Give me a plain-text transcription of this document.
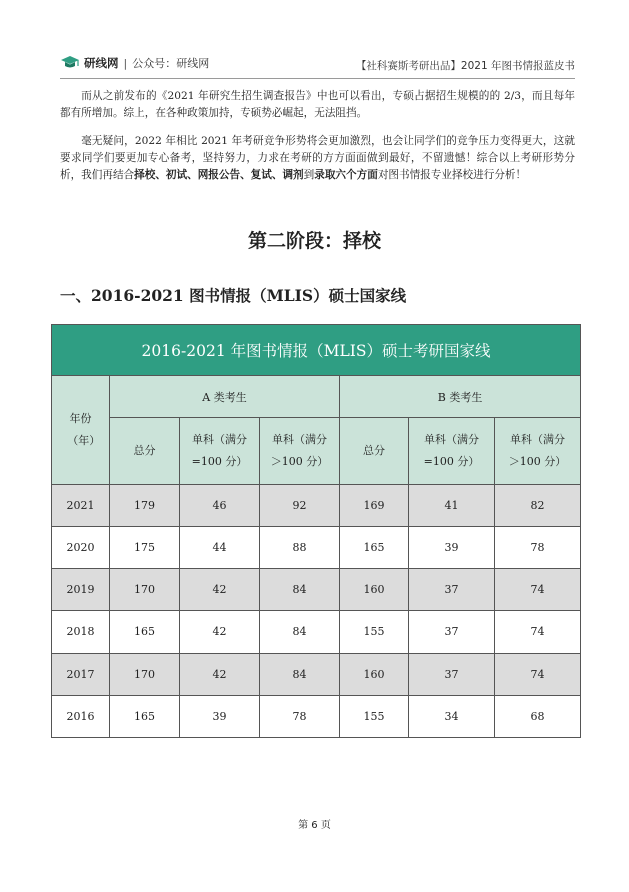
研线网 | 公众号：研线网	【社科赛斯考研出品】2021 年图书情报蓝皮书

而从之前发布的《2021 年研究生招生调查报告》中也可以看出，专硕占据招生规模的的 2/3，而且每年都有所增加。综上，在各种政策加持，专硕势必崛起，无法阻挡。

毫无疑问，2022 年相比 2021 年考研竞争形势将会更加激烈，也会让同学们的竞争压力变得更大，这就要求同学们要更加专心备考，坚持努力，力求在考研的方方面面做到最好，不留遗憾！综合以上考研形势分析，我们再结合择校、初试、网报公告、复试、调剂到录取六个方面对图书情报专业择校进行分析！

第二阶段：择校
一、2016-2021 图书情报（MLIS）硕士国家线
2016-2021 年图书情报（MLIS）硕士考研国家线						
年份（年）	A 类考生			B 类考生		
	总分	单科（满分=100 分）	单科（满分＞100 分）	总分	单科（满分=100 分）	单科（满分＞100 分）
2021	179	46	92	169	41	82
2020	175	44	88	165	39	78
2019	170	42	84	160	37	74
2018	165	42	84	155	37	74
2017	170	42	84	160	37	74
2016	165	39	78	155	34	68
第 6 页
